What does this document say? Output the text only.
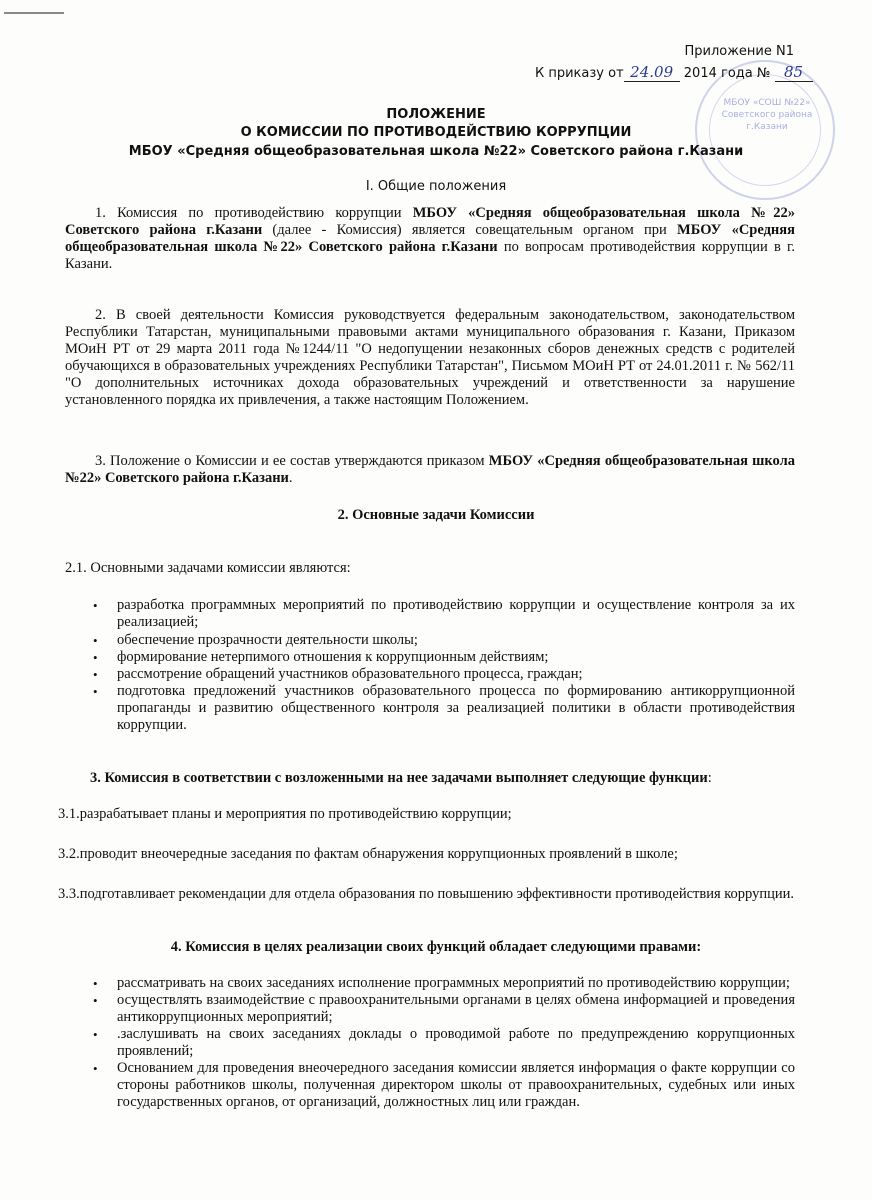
МБОУ «СОШ №22» Советского района г.Казани
Приложение N1
К приказу от 24.09 2014 года № 85
ПОЛОЖЕНИЕ
О КОМИССИИ ПО ПРОТИВОДЕЙСТВИЮ КОРРУПЦИИ
МБОУ «Средняя общеобразовательная школа №22» Советского района г.Казани
I. Общие положения
1. Комиссия по противодействию коррупции МБОУ «Средняя общеобразовательная школа №22» Советского района г.Казани (далее - Комиссия) является совещательным органом при МБОУ «Средняя общеобразовательная школа №22» Советского района г.Казани по вопросам противодействия коррупции в г. Казани.
2. В своей деятельности Комиссия руководствуется федеральным законодательством, законодательством Республики Татарстан, муниципальными правовыми актами муниципального образования г. Казани, Приказом МОиН РТ от 29 марта 2011 года №1244/11 "О недопущении незаконных сборов денежных средств с родителей обучающихся в образовательных учреждениях Республики Татарстан", Письмом МОиН РТ от 24.01.2011 г. № 562/11 "О дополнительных источниках дохода образовательных учреждений и ответственности за нарушение установленного порядка их привлечения, а также настоящим Положением.
3. Положение о Комиссии и ее состав утверждаются приказом МБОУ «Средняя общеобразовательная школа №22» Советского района г.Казани.
2. Основные задачи Комиссии
2.1. Основными задачами комиссии являются:
• разработка программных мероприятий по противодействию коррупции и осуществление контроля за их реализацией;
• обеспечение прозрачности деятельности школы;
• формирование нетерпимого отношения к коррупционным действиям;
• рассмотрение обращений участников образовательного процесса, граждан;
• подготовка предложений участников образовательного процесса по формированию антикоррупционной пропаганды и развитию общественного контроля за реализацией политики в области противодействия коррупции.
3. Комиссия в соответствии с возложенными на нее задачами выполняет следующие функции:
3.1.разрабатывает планы и мероприятия по противодействию коррупции;
3.2.проводит внеочередные заседания по фактам обнаружения коррупционных проявлений в школе;
3.3.подготавливает рекомендации для отдела образования по повышению эффективности противодействия коррупции.
4. Комиссия в целях реализации своих функций обладает следующими правами:
• рассматривать на своих заседаниях исполнение программных мероприятий по противодействию коррупции;
• осуществлять взаимодействие с правоохранительными органами в целях обмена информацией и проведения антикоррупционных мероприятий;
• .заслушивать на своих заседаниях доклады о проводимой работе по предупреждению коррупционных проявлений;
• Основанием для проведения внеочередного заседания комиссии является информация о факте коррупции со стороны работников школы, полученная директором школы от правоохранительных, судебных или иных государственных органов, от организаций, должностных лиц или граждан.
